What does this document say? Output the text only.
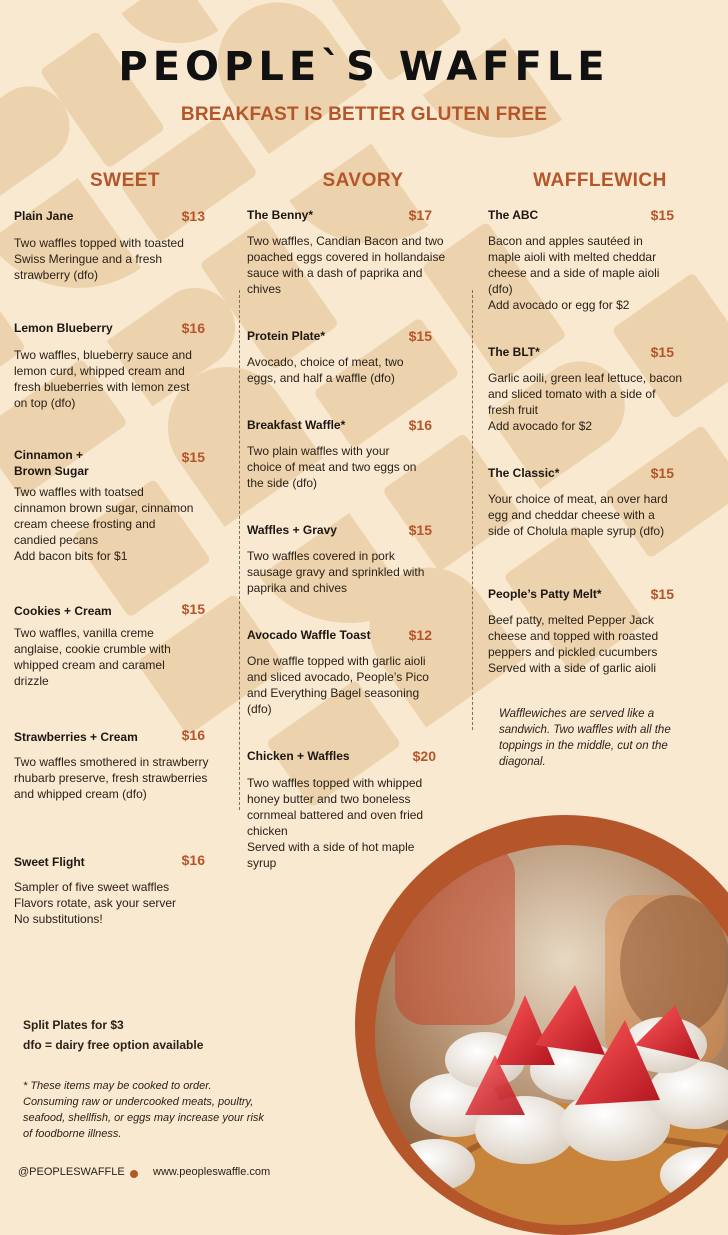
PEOPLE`S WAFFLE
BREAKFAST IS BETTER GLUTEN FREE
SWEET	SAVORY	WAFFLEWICH
Plain Jane	$13
Two waffles topped with toasted Swiss Meringue and a fresh strawberry (dfo)
Lemon Blueberry	$16
Two waffles, blueberry sauce and lemon curd, whipped cream and fresh blueberries with lemon zest on top (dfo)
Cinnamon + Brown Sugar
$15
Two waffles with toatsed cinnamon brown sugar, cinnamon cream cheese frosting and candied pecans
Add bacon bits for $1
Cookies + Cream	$15
Two waffles, vanilla creme anglaise, cookie crumble with whipped cream and caramel drizzle
Strawberries + Cream	$16
Two waffles smothered in strawberry rhubarb preserve, fresh strawberries and whipped cream (dfo)
Sweet Flight	$16
Sampler of five sweet waffles
Flavors rotate, ask your server
No substitutions!
The Benny*	$17
Two waffles, Candian Bacon and two poached eggs covered in hollandaise sauce with a dash of paprika and chives
Protein Plate*	$15
Avocado, choice of meat, two eggs, and half a waffle (dfo)
Breakfast Waffle*	$16
Two plain waffles with your choice of meat and two eggs on the side (dfo)
Waffles + Gravy	$15
Two waffles covered in pork sausage gravy and sprinkled with paprika and chives
Avocado Waffle Toast	$12
One waffle topped with garlic aioli and sliced avocado, People’s Pico and Everything Bagel seasoning (dfo)
Chicken + Waffles	$20
Two waffles topped with whipped honey butter and two boneless cornmeal battered and oven fried chicken
Served with a side of hot maple syrup
The ABC	$15
Bacon and apples sautéed in maple aioli with melted cheddar cheese and a side of maple aioli (dfo)
Add avocado or egg for $2
The BLT*	$15
Garlic aoili, green leaf lettuce, bacon and sliced tomato with a side of fresh fruit
Add avocado for $2
The Classic*	$15
Your choice of meat, an over hard egg and cheddar cheese with a side of Cholula maple syrup (dfo)
People’s Patty Melt*	$15
Beef patty, melted Pepper Jack cheese and topped with roasted peppers and pickled cucumbers
Served with a side of garlic aioli
Wafflewiches are served like a sandwich. Two waffles with all the toppings in the middle, cut on the diagonal.
Split Plates for $3
dfo = dairy free option available
* These items may be cooked to order. Consuming raw or undercooked meats, poultry, seafood, shellfish, or eggs may increase your risk of foodborne illness.
@PEOPLESWAFFLE	www.peopleswaffle.com
